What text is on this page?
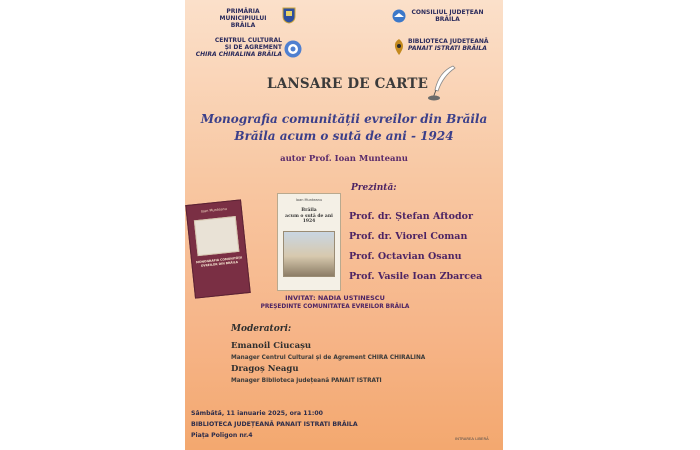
PRIMĂRIA
MUNICIPIULUI BRĂILA
CONSILIUL JUDEȚEAN
BRĂILA
CENTRUL CULTURAL
ȘI DE AGREMENT
CHIRA CHIRALINA BRĂILA
BIBLIOTECA JUDEȚEANĂ
PANAIT ISTRATI BRĂILA
LANSARE DE CARTE
Monografia comunității evreilor din Brăila
Brăila acum o sută de ani - 1924
autor Prof. Ioan Munteanu
Prezintă:
Ioan Munteanu
MONOGRAFIA COMUNITĂȚII EVREILOR DIN BRĂILA
Ioan Munteanu
Brăila
acum o sută de ani
1924	Prof. dr. Ștefan Aftodor
Prof. dr. Viorel Coman
Prof. Octavian Osanu
Prof. Vasile Ioan Zbarcea
INVITAT: NADIA USTINESCU
PREȘEDINTE COMUNITATEA EVREILOR BRĂILA
Moderatori:
Emanoil Ciucașu
Manager Centrul Cultural și de Agrement CHIRA CHIRALINA
Dragoș Neagu
Manager Biblioteca județeană PANAIT ISTRATI
Sâmbătă, 11 ianuarie 2025, ora 11:00
BIBLIOTECA JUDEȚEANĂ PANAIT ISTRATI BRĂILA
Piața Poligon nr.4	INTRAREA LIBERĂ
